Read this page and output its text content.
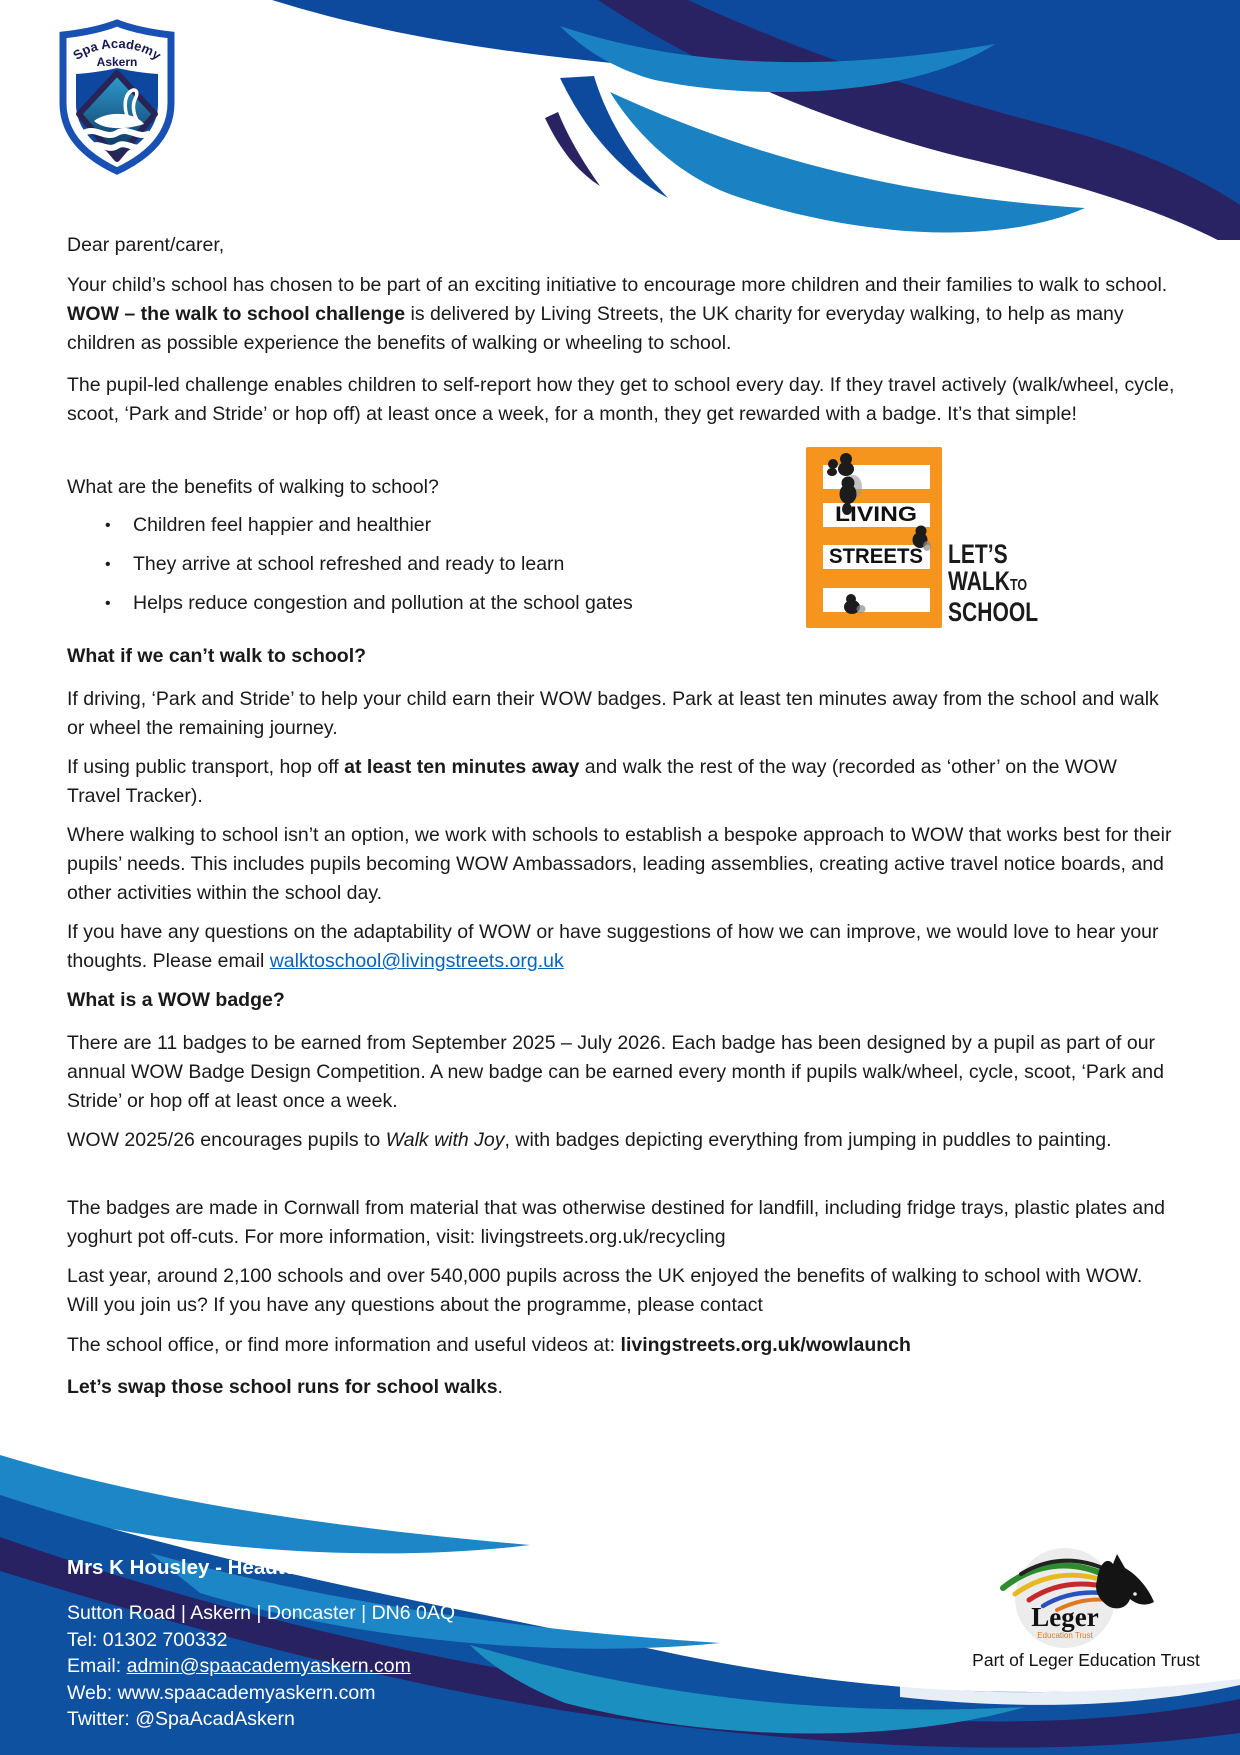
Spa Academy
Askern
Dear parent/carer,
Your child’s school has chosen to be part of an exciting initiative to encourage more children and their families to walk to school. WOW – the walk to school challenge is delivered by Living Streets, the UK charity for everyday walking, to help as many children as possible experience the benefits of walking or wheeling to school.
The pupil-led challenge enables children to self-report how they get to school every day. If they travel actively (walk/wheel, cycle, scoot, ‘Park and Stride’ or hop off) at least once a week, for a month, they get rewarded with a badge. It’s that simple!
What are the benefits of walking to school?
•	Children feel happier and healthier
•	They arrive at school refreshed and ready to learn
•	Helps reduce congestion and pollution at the school gates
What if we can’t walk to school?
If driving, ‘Park and Stride’ to help your child earn their WOW badges. Park at least ten minutes away from the school and walk or wheel the remaining journey.
If using public transport, hop off at least ten minutes away and walk the rest of the way (recorded as ‘other’ on the WOW Travel Tracker).
Where walking to school isn’t an option, we work with schools to establish a bespoke approach to WOW that works best for their pupils’ needs. This includes pupils becoming WOW Ambassadors, leading assemblies, creating active travel notice boards, and other activities within the school day.
If you have any questions on the adaptability of WOW or have suggestions of how we can improve, we would love to hear your thoughts. Please email walktoschool@livingstreets.org.uk
What is a WOW badge?
There are 11 badges to be earned from September 2025 – July 2026. Each badge has been designed by a pupil as part of our annual WOW Badge Design Competition. A new badge can be earned every month if pupils walk/wheel, cycle, scoot, ‘Park and Stride’ or hop off at least once a week.
WOW 2025/26 encourages pupils to Walk with Joy, with badges depicting everything from jumping in puddles to painting.
The badges are made in Cornwall from material that was otherwise destined for landfill, including fridge trays, plastic plates and yoghurt pot off-cuts. For more information, visit: livingstreets.org.uk/recycling
Last year, around 2,100 schools and over 540,000 pupils across the UK enjoyed the benefits of walking to school with WOW. Will you join us? If you have any questions about the programme, please contact
The school office, or find more information and useful videos at: livingstreets.org.uk/wowlaunch
Let’s swap those school runs for school walks.
LIVING
STREETS LET’S
WALKTO
SCHOOL
Mrs K Housley - Headteacher
Sutton Road | Askern | Doncaster | DN6 0AQ
Tel: 01302 700332
Email: admin@spaacademyaskern.com
Web: www.spaacademyaskern.com
Twitter: @SpaAcadAskern
Leger
Education Trust
Part of Leger Education Trust
